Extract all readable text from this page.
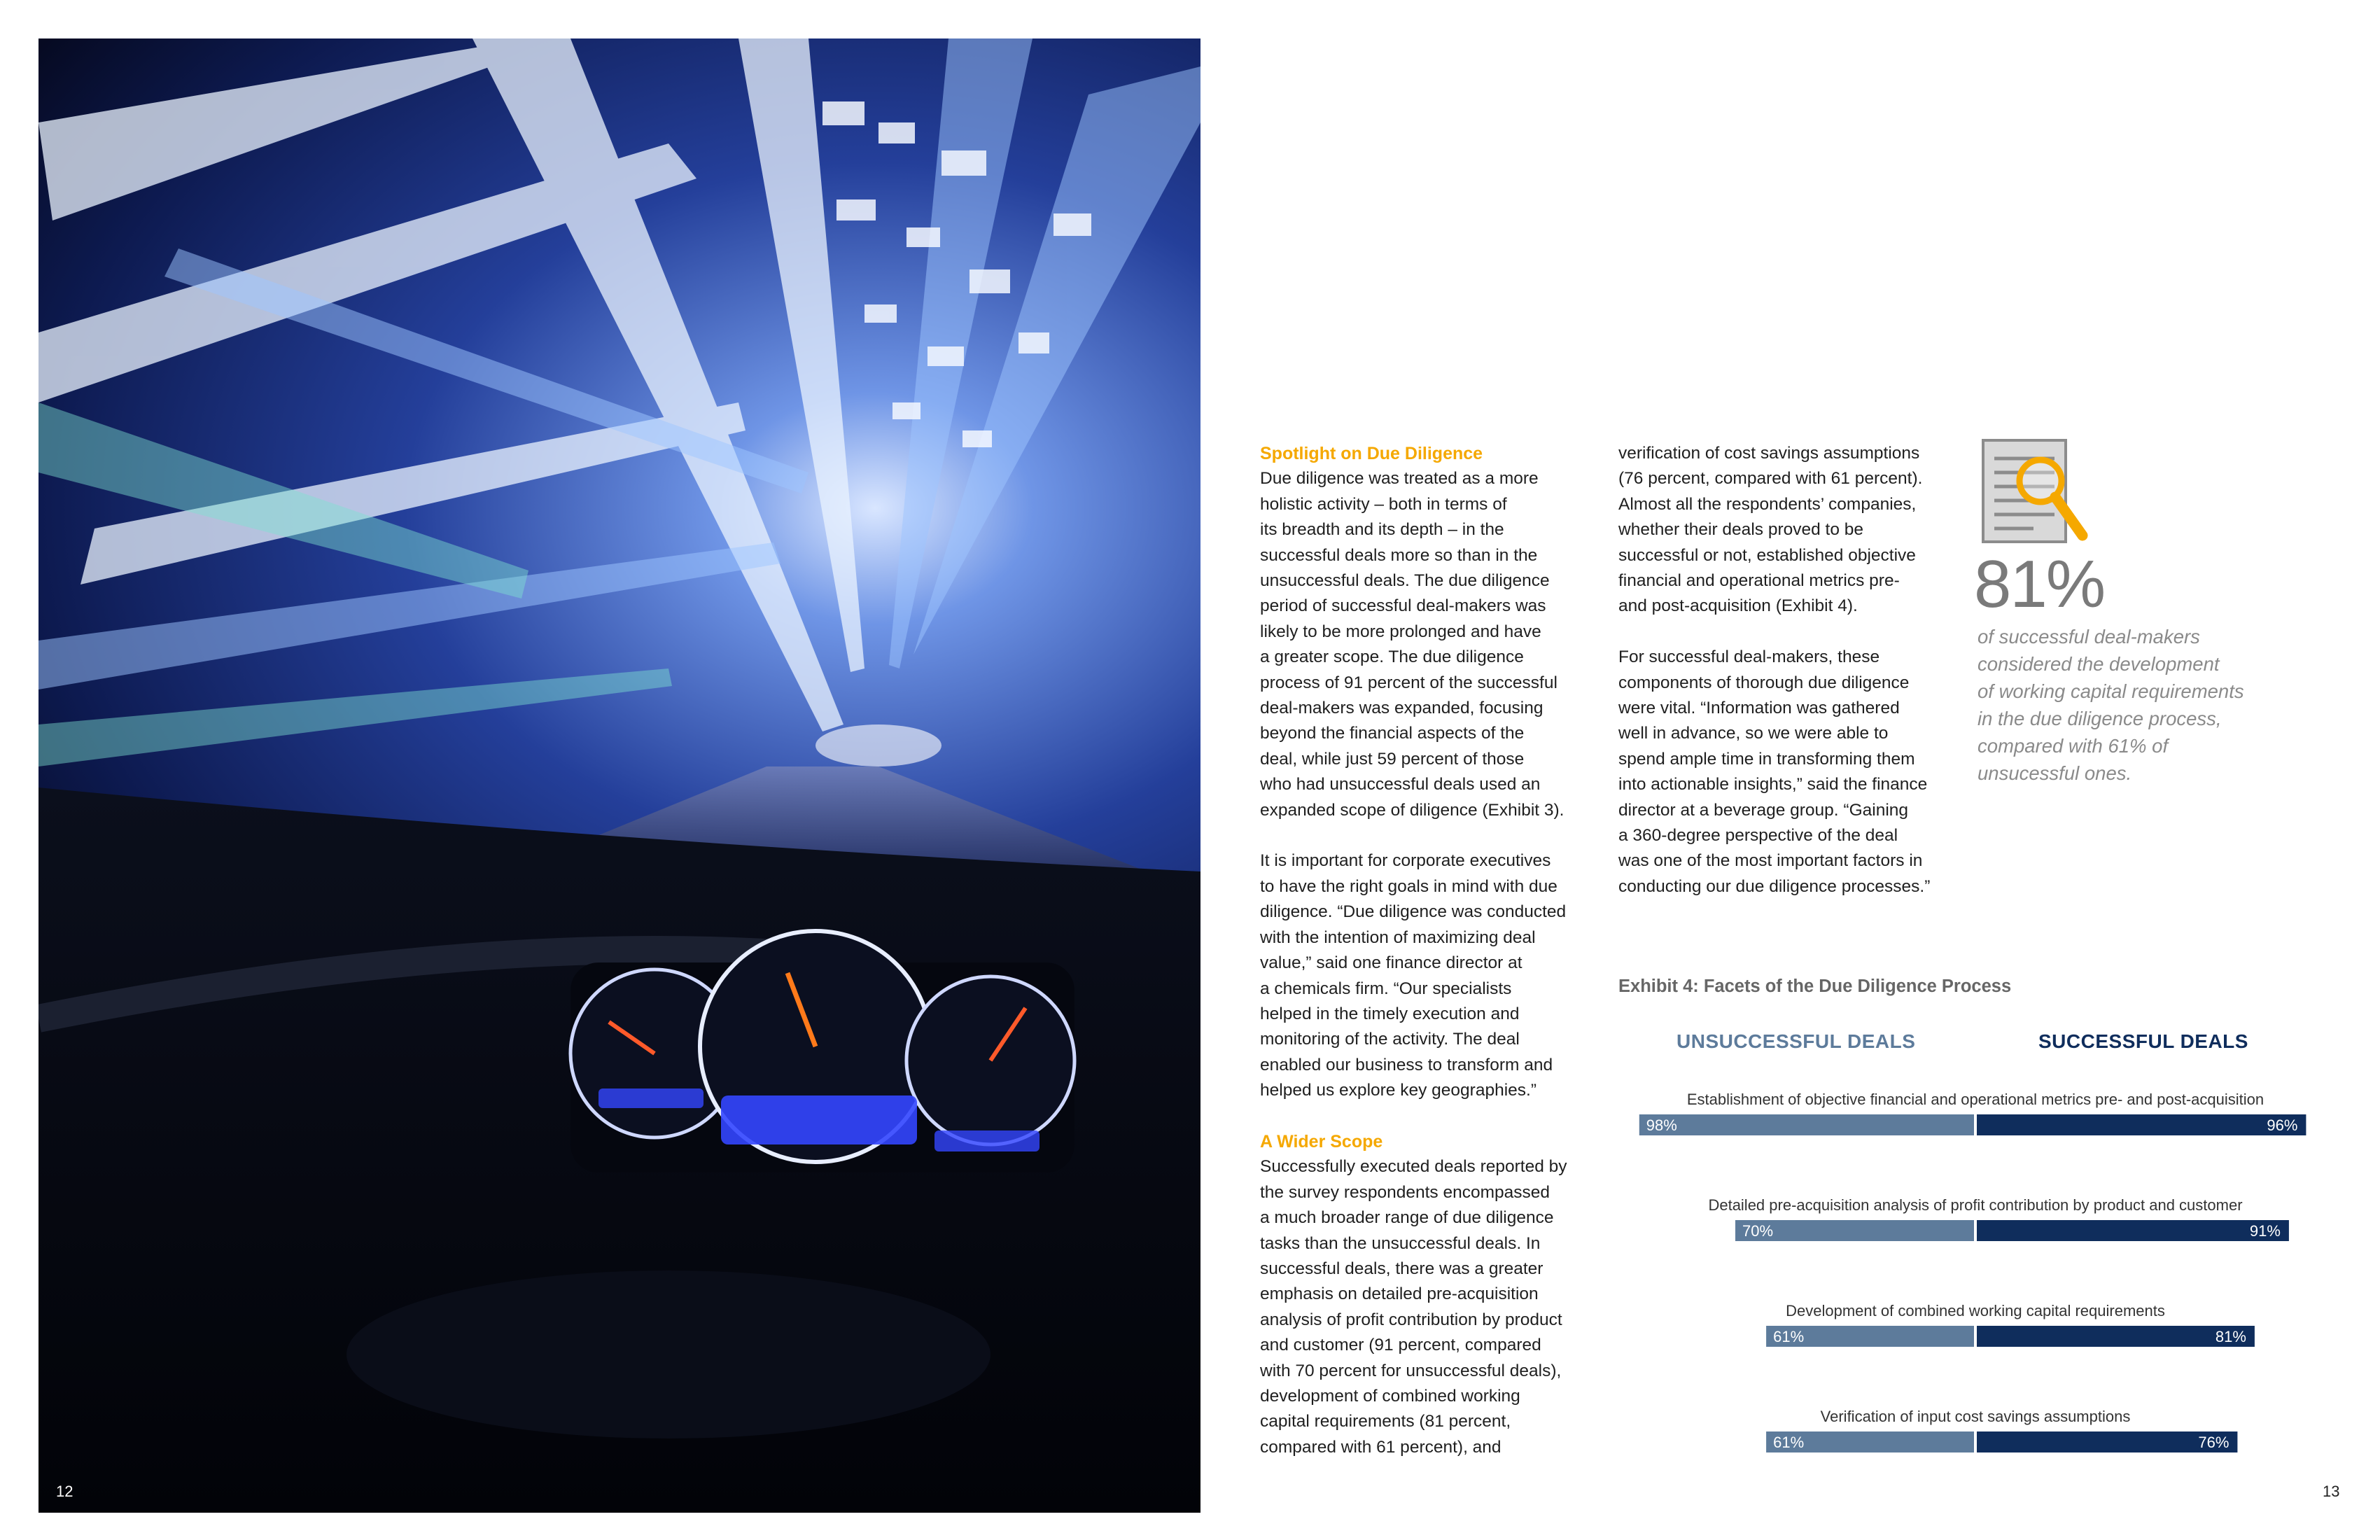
12

Spotlight on Due Diligence

Due diligence was treated as a more
holistic activity – both in terms of
its breadth and its depth – in the
successful deals more so than in the
unsuccessful deals. The due diligence
period of successful deal-makers was
likely to be more prolonged and have
a greater scope. The due diligence
process of 91 percent of the successful
deal-makers was expanded, focusing
beyond the financial aspects of the
deal, while just 59 percent of those
who had unsuccessful deals used an
expanded scope of diligence (Exhibit 3).

It is important for corporate executives
to have the right goals in mind with due
diligence. “Due diligence was conducted
with the intention of maximizing deal
value,” said one finance director at
a chemicals firm. “Our specialists
helped in the timely execution and
monitoring of the activity. The deal
enabled our business to transform and
helped us explore key geographies.”

A Wider Scope

Successfully executed deals reported by
the survey respondents encompassed
a much broader range of due diligence
tasks than the unsuccessful deals. In
successful deals, there was a greater
emphasis on detailed pre-acquisition
analysis of profit contribution by product
and customer (91 percent, compared
with 70 percent for unsuccessful deals),
development of combined working
capital requirements (81 percent,
compared with 61 percent), and

verification of cost savings assumptions
(76 percent, compared with 61 percent).
Almost all the respondents’ companies,
whether their deals proved to be
successful or not, established objective
financial and operational metrics pre-
and post-acquisition (Exhibit 4).

For successful deal-makers, these
components of thorough due diligence
were vital. “Information was gathered
well in advance, so we were able to
spend ample time in transforming them
into actionable insights,” said the finance
director at a beverage group. “Gaining
a 360-degree perspective of the deal
was one of the most important factors in
conducting our due diligence processes.”

81%
of successful deal-makers
considered the development
of working capital requirements
in the due diligence process,
compared with 61% of
unsucessful ones.
Exhibit 4: Facets of the Due Diligence Process
UNSUCCESSFUL DEALS	SUCCESSFUL DEALS
Establishment of objective financial and operational metrics pre- and post-acquisition
98%	96%
Detailed pre-acquisition analysis of profit contribution by product and customer
70%	91%
Development of combined working capital requirements
61%	81%
Verification of input cost savings assumptions
61%	76%
13
